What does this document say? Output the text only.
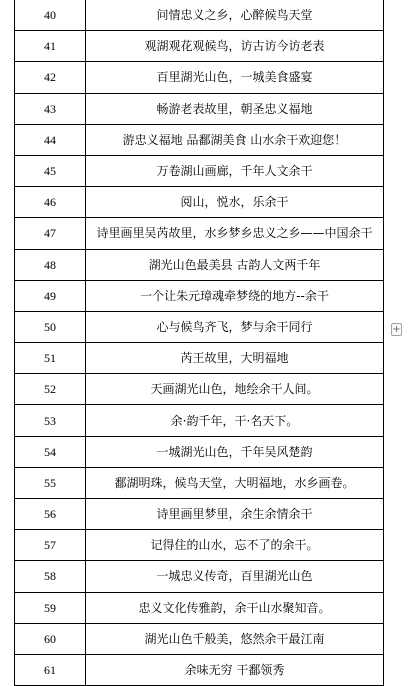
40	问情忠义之乡，心醉候鸟天堂
41	观湖观花观候鸟，访古访今访老表
42	百里湖光山色，一城美食盛宴
43	畅游老表故里，朝圣忠义福地
44	游忠义福地 品鄱湖美食 山水余干欢迎您！
45	万卷湖山画廊，千年人文余干
46	阅山，悦水，乐余干
47	诗里画里吴芮故里，水乡梦乡忠义之乡——中国余干
48	湖光山色最美县 古韵人文两千年
49	一个让朱元璋魂牵梦绕的地方--余干
50	心与候鸟齐飞，梦与余干同行
51	芮王故里，大明福地
52	天画湖光山色，地绘余干人间。
53	余·韵千年，干·名天下。
54	一城湖光山色，千年吴风楚韵
55	鄱湖明珠，候鸟天堂，大明福地，水乡画卷。
56	诗里画里梦里，余生余情余干
57	记得住的山水，忘不了的余干。
58	一城忠义传奇，百里湖光山色
59	忠义文化传雅韵，余干山水聚知音。
60	湖光山色千般美，悠然余干最江南
61	余味无穷 干鄱领秀
+
